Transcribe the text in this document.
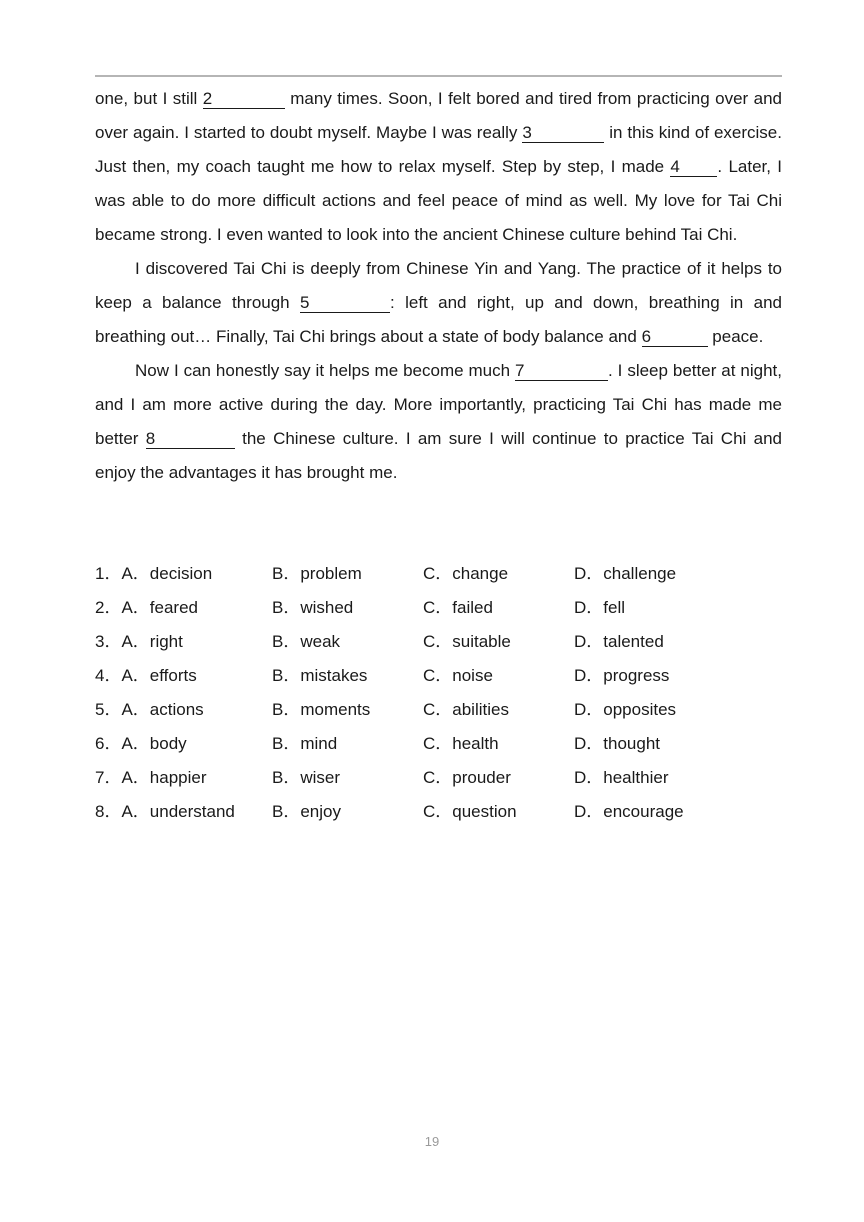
one, but I still 2	many times. Soon, I felt bored and tired from practicing over and over again. I started to doubt myself. Maybe I was really 3	in this kind of exercise. Just then, my coach taught me how to relax myself. Step by step, I made 4 . Later, I was able to do more difficult actions and feel peace of mind as well. My love for Tai Chi became strong. I even wanted to look into the ancient Chinese culture behind Tai Chi.

I discovered Tai Chi is deeply from Chinese Yin and Yang. The practice of it helps to keep a balance through 5	: left and right, up and down, breathing in and breathing out… Finally, Tai Chi brings about a state of body balance and 6	peace.

Now I can honestly say it helps me become much 7	. I sleep better at night, and I am more active during the day. More importantly, practicing Tai Chi has made me better 8	the Chinese culture. I am sure I will continue to practice Tai Chi and enjoy the advantages it has brought me.

1．A．decision	B．problem	C．change	D．challenge
2．A．feared	B．wished	C．failed	D．fell
3．A．right	B．weak	C．suitable	D．talented
4．A．efforts	B．mistakes	C．noise	D．progress
5．A．actions	B．moments	C．abilities	D．opposites
6．A．body	B．mind	C．health	D．thought
7．A．happier	B．wiser	C．prouder	D．healthier
8．A．understand	B．enjoy	C．question	D．encourage
19
